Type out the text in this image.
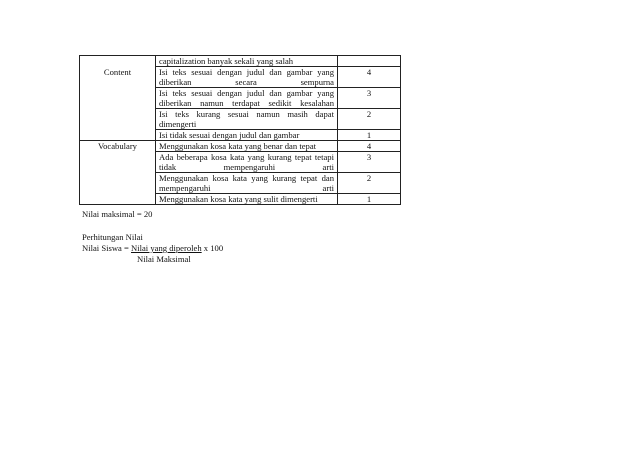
	capitalization banyak sekali yang salah	
Content	Isi teks sesuai dengan judul dan gambar yang diberikan secara sempurna	4
	Isi teks sesuai dengan judul dan gambar yang diberikan namun terdapat sedikit kesalahan	3
	Isi teks kurang sesuai namun masih dapat dimengerti	2
	Isi tidak sesuai dengan judul dan gambar	1
Vocabulary	Menggunakan kosa kata yang benar dan tepat	4
	Ada beberapa kosa kata yang kurang tepat tetapi tidak mempengaruhi arti	3
	Menggunakan kosa kata yang kurang tepat dan mempengaruhi arti	2
	Menggunakan kosa kata yang sulit dimengerti	1
Nilai maksimal = 20
Perhitungan Nilai
Nilai Siswa = Nilai yang diperoleh x 100
Nilai Maksimal
